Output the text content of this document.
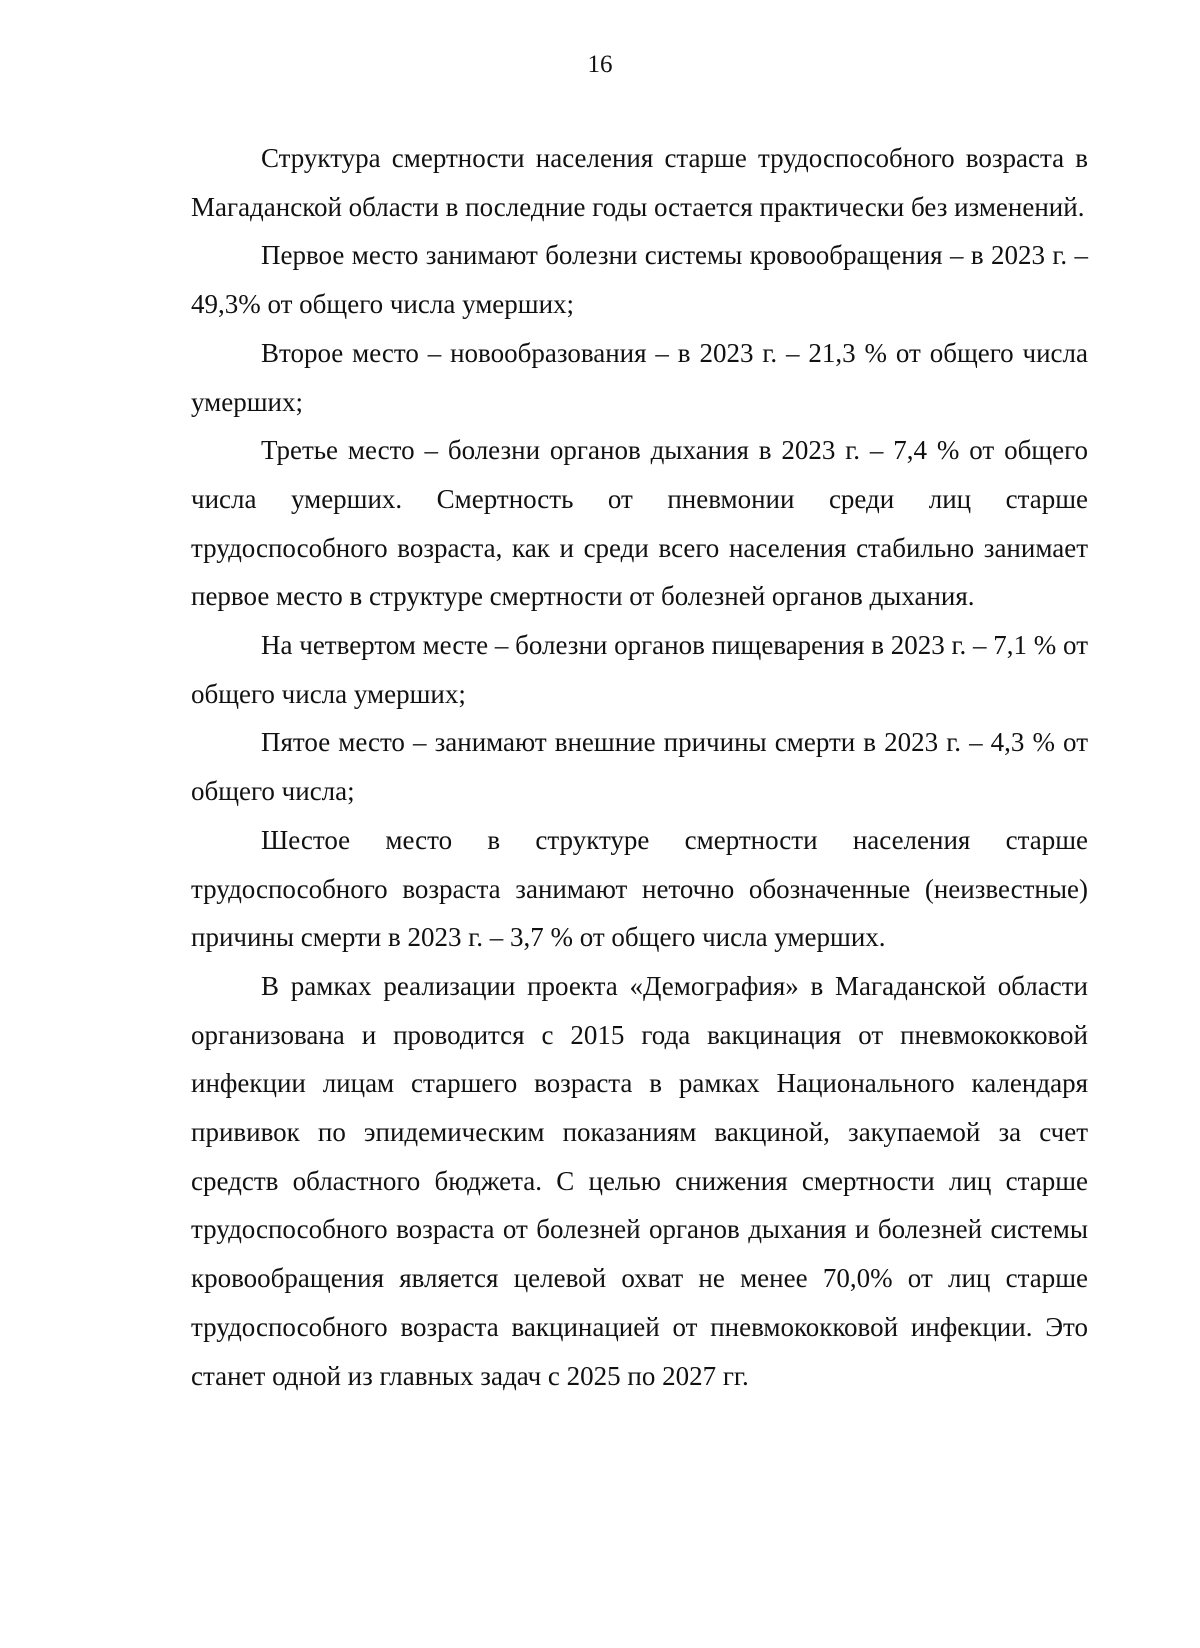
16

Структура смертности населения старше трудоспособного возраста в Магаданской области в последние годы остается практически без изменений.

Первое место занимают болезни системы кровообращения – в 2023 г. – 49,3% от общего числа умерших;

Второе место – новообразования – в 2023 г. – 21,3 % от общего числа умерших;

Третье место – болезни органов дыхания в 2023 г. – 7,4 % от общего числа умерших. Смертность от пневмонии среди лиц старше трудоспособного возраста, как и среди всего населения стабильно занимает первое место в структуре смертности от болезней органов дыхания.

На четвертом месте – болезни органов пищеварения в 2023 г. – 7,1 % от общего числа умерших;

Пятое место – занимают внешние причины смерти в 2023 г. – 4,3 % от общего числа;

Шестое место в структуре смертности населения старше трудоспособного возраста занимают неточно обозначенные (неизвестные) причины смерти в 2023 г. – 3,7 % от общего числа умерших.

В рамках реализации проекта «Демография» в Магаданской области организована и проводится с 2015 года вакцинация от пневмококковой инфекции лицам старшего возраста в рамках Национального календаря прививок по эпидемическим показаниям вакциной, закупаемой за счет средств областного бюджета. С целью снижения смертности лиц старше трудоспособного возраста от болезней органов дыхания и болезней системы кровообращения является целевой охват не менее 70,0% от лиц старше трудоспособного возраста вакцинацией от пневмококковой инфекции. Это станет одной из главных задач с 2025 по 2027 гг.
